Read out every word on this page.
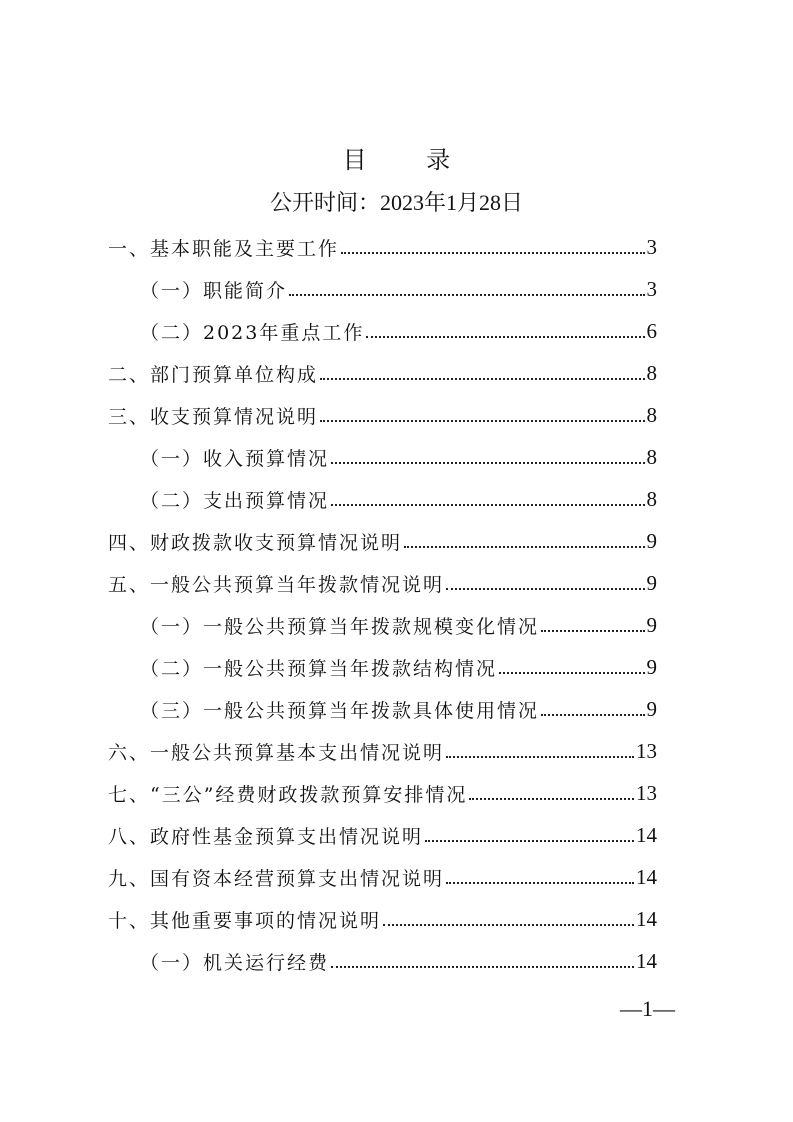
目 录
公开时间：2023年1月28日
一、基本职能及主要工作	3
（一）职能简介	3
（二）2023年重点工作	6
二、部门预算单位构成	8
三、收支预算情况说明	8
（一）收入预算情况	8
（二）支出预算情况	8
四、财政拨款收支预算情况说明	9
五、一般公共预算当年拨款情况说明	9
（一）一般公共预算当年拨款规模变化情况	9
（二）一般公共预算当年拨款结构情况	9
（三）一般公共预算当年拨款具体使用情况	9
六、一般公共预算基本支出情况说明	13
七、“三公”经费财政拨款预算安排情况	13
八、政府性基金预算支出情况说明	14
九、国有资本经营预算支出情况说明	14
十、其他重要事项的情况说明	14
（一）机关运行经费	14
—1—
